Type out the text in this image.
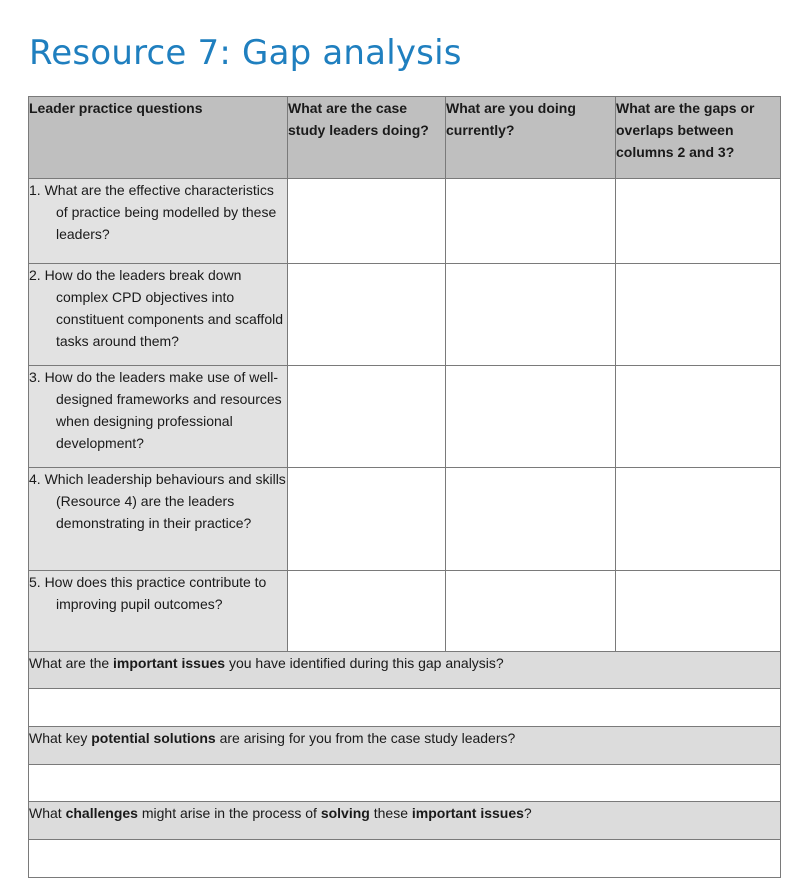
Resource 7: Gap analysis
Leader practice questions	What are the case study leaders doing?	What are you doing currently?	What are the gaps or overlaps between columns 2 and 3?

1. What are the effective characteristics of practice being modelled by these leaders?			

2. How do the leaders break down complex CPD objectives into constituent components and scaffold tasks around them?			

3. How do the leaders make use of well-designed frameworks and resources when designing professional development?			

4. Which leadership behaviours and skills (Resource 4) are the leaders demonstrating in their practice?			

5. How does this practice contribute to improving pupil outcomes?			

What are the important issues you have identified during this gap analysis?			

What key potential solutions are arising for you from the case study leaders?			

What challenges might arise in the process of solving these important issues?			
